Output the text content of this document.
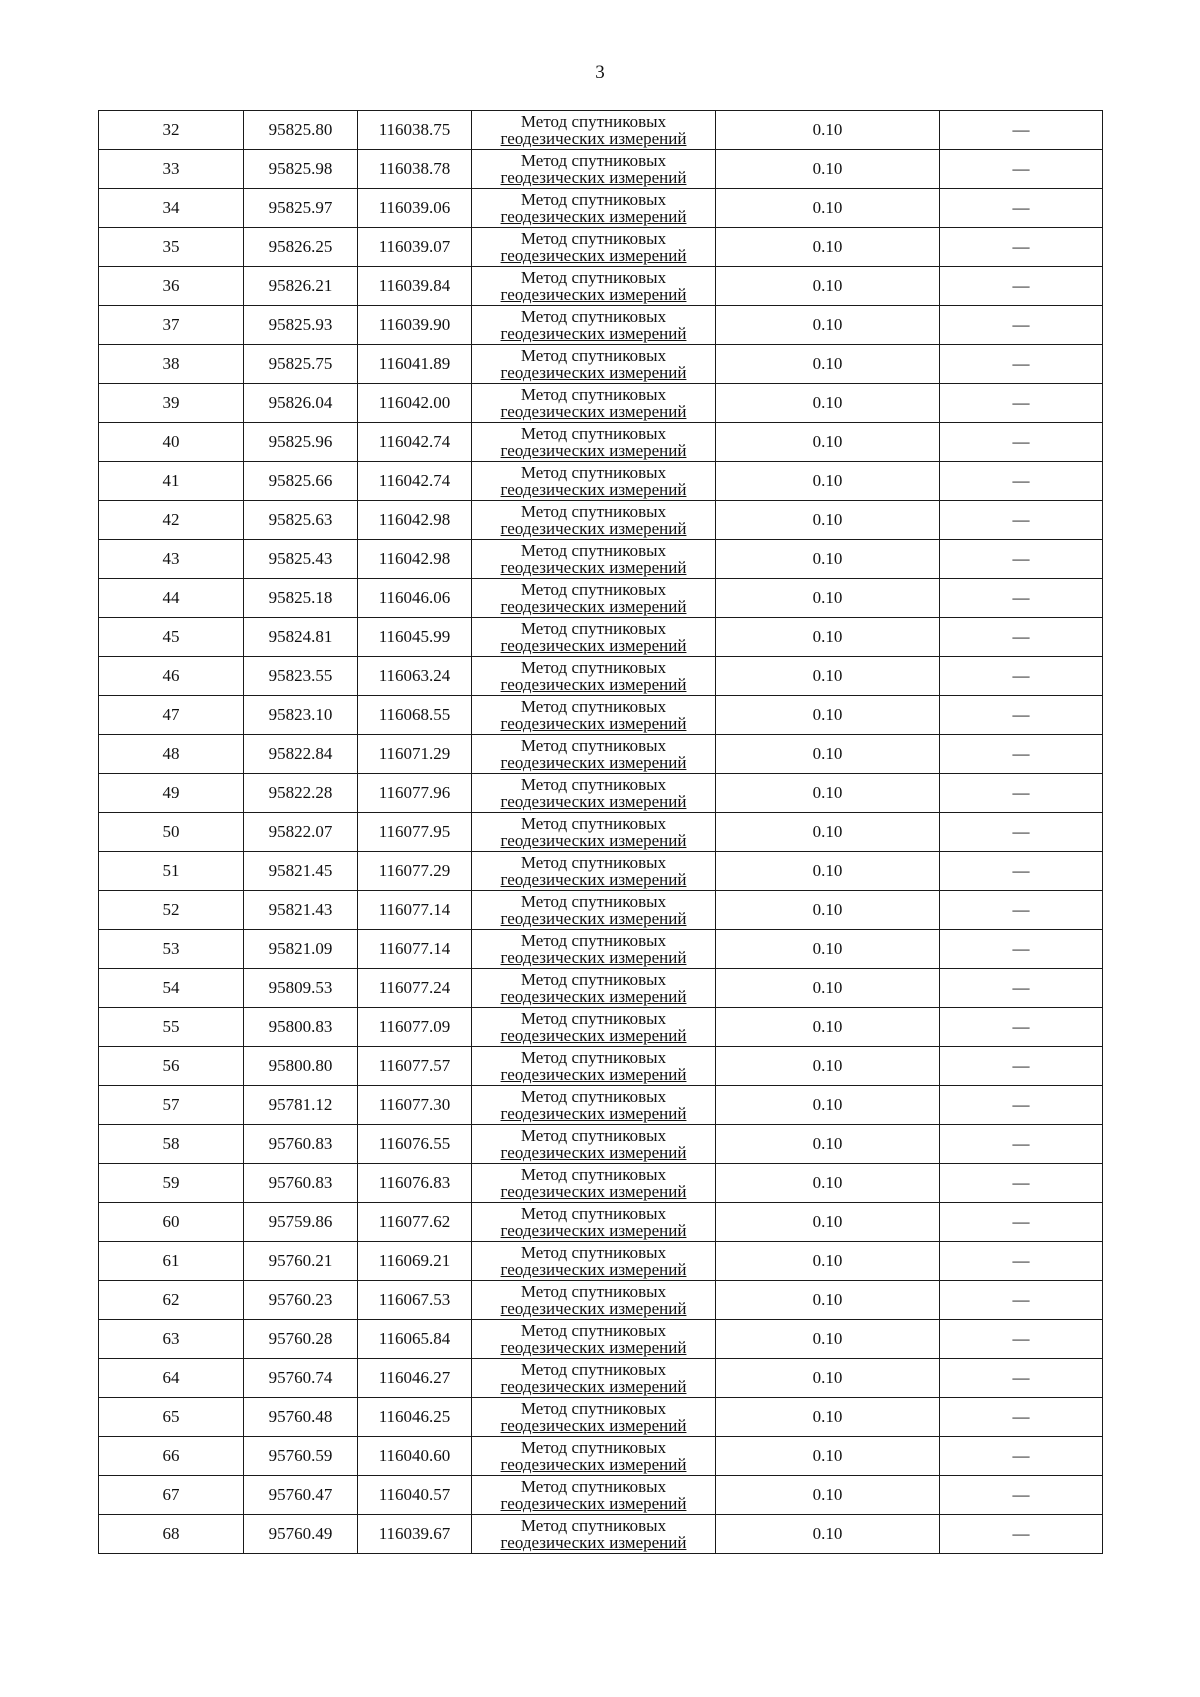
3
32	95825.80	116038.75	Метод спутниковых
геодезических измерений	0.10	—
33	95825.98	116038.78	Метод спутниковых
геодезических измерений	0.10	—
34	95825.97	116039.06	Метод спутниковых
геодезических измерений	0.10	—
35	95826.25	116039.07	Метод спутниковых
геодезических измерений	0.10	—
36	95826.21	116039.84	Метод спутниковых
геодезических измерений	0.10	—
37	95825.93	116039.90	Метод спутниковых
геодезических измерений	0.10	—
38	95825.75	116041.89	Метод спутниковых
геодезических измерений	0.10	—
39	95826.04	116042.00	Метод спутниковых
геодезических измерений	0.10	—
40	95825.96	116042.74	Метод спутниковых
геодезических измерений	0.10	—
41	95825.66	116042.74	Метод спутниковых
геодезических измерений	0.10	—
42	95825.63	116042.98	Метод спутниковых
геодезических измерений	0.10	—
43	95825.43	116042.98	Метод спутниковых
геодезических измерений	0.10	—
44	95825.18	116046.06	Метод спутниковых
геодезических измерений	0.10	—
45	95824.81	116045.99	Метод спутниковых
геодезических измерений	0.10	—
46	95823.55	116063.24	Метод спутниковых
геодезических измерений	0.10	—
47	95823.10	116068.55	Метод спутниковых
геодезических измерений	0.10	—
48	95822.84	116071.29	Метод спутниковых
геодезических измерений	0.10	—
49	95822.28	116077.96	Метод спутниковых
геодезических измерений	0.10	—
50	95822.07	116077.95	Метод спутниковых
геодезических измерений	0.10	—
51	95821.45	116077.29	Метод спутниковых
геодезических измерений	0.10	—
52	95821.43	116077.14	Метод спутниковых
геодезических измерений	0.10	—
53	95821.09	116077.14	Метод спутниковых
геодезических измерений	0.10	—
54	95809.53	116077.24	Метод спутниковых
геодезических измерений	0.10	—
55	95800.83	116077.09	Метод спутниковых
геодезических измерений	0.10	—
56	95800.80	116077.57	Метод спутниковых
геодезических измерений	0.10	—
57	95781.12	116077.30	Метод спутниковых
геодезических измерений	0.10	—
58	95760.83	116076.55	Метод спутниковых
геодезических измерений	0.10	—
59	95760.83	116076.83	Метод спутниковых
геодезических измерений	0.10	—
60	95759.86	116077.62	Метод спутниковых
геодезических измерений	0.10	—
61	95760.21	116069.21	Метод спутниковых
геодезических измерений	0.10	—
62	95760.23	116067.53	Метод спутниковых
геодезических измерений	0.10	—
63	95760.28	116065.84	Метод спутниковых
геодезических измерений	0.10	—
64	95760.74	116046.27	Метод спутниковых
геодезических измерений	0.10	—
65	95760.48	116046.25	Метод спутниковых
геодезических измерений	0.10	—
66	95760.59	116040.60	Метод спутниковых
геодезических измерений	0.10	—
67	95760.47	116040.57	Метод спутниковых
геодезических измерений	0.10	—
68	95760.49	116039.67	Метод спутниковых
геодезических измерений	0.10	—
